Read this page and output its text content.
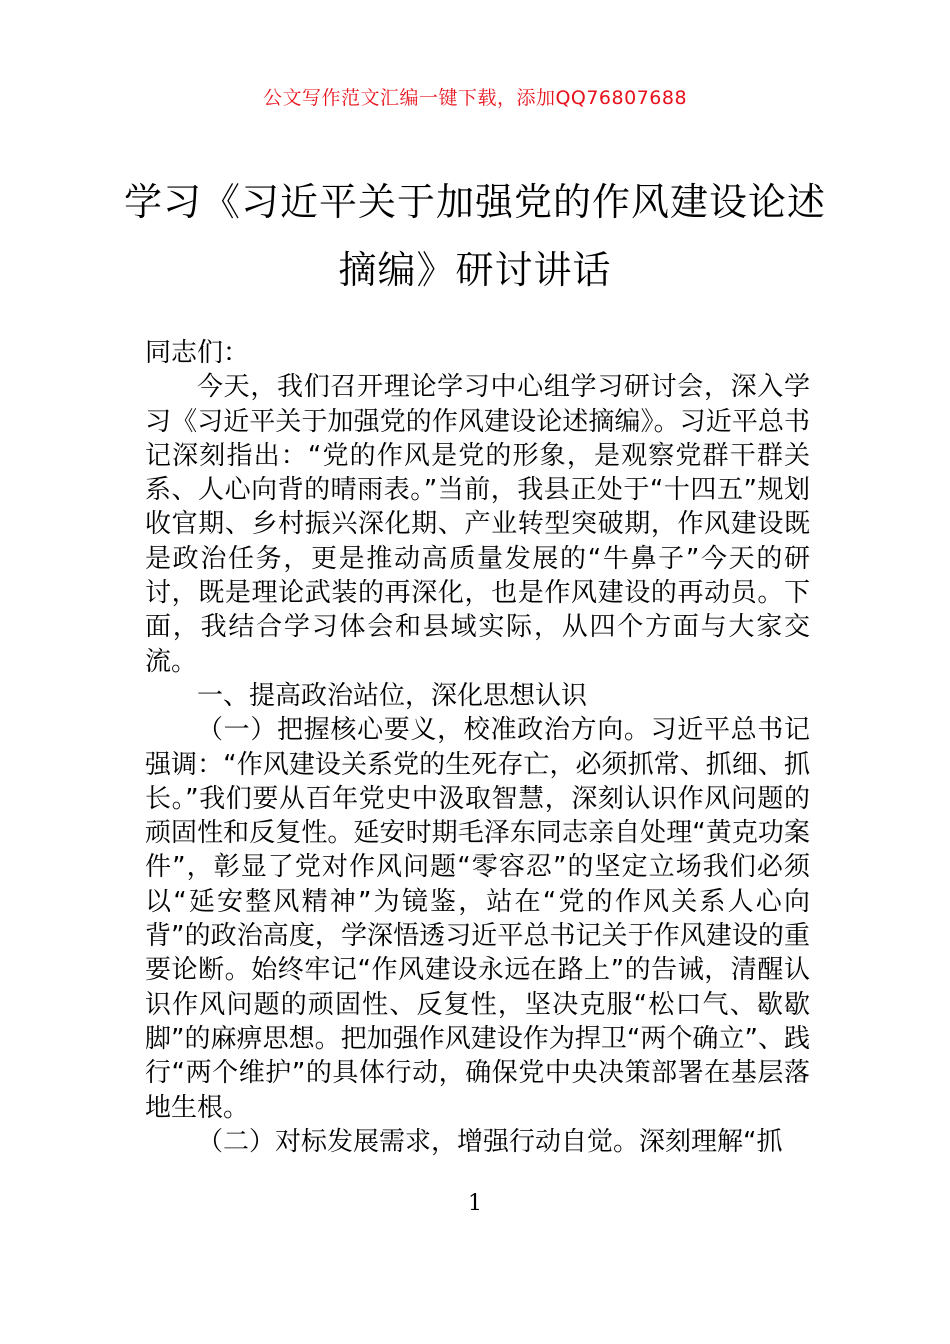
公文写作范文汇编一键下载，添加QQ76807688
学习《习近平关于加强党的作风建设论述
摘编》研讨讲话

同志们：

今天，我们召开理论学习中心组学习研讨会，深入学习《习近平关于加强党的作风建设论述摘编》。习近平总书记深刻指出：“党的作风是党的形象，是观察党群干群关系、人心向背的晴雨表。”当前，我县正处于“十四五”规划收官期、乡村振兴深化期、产业转型突破期，作风建设既是政治任务，更是推动高质量发展的“牛鼻子”今天的研讨，既是理论武装的再深化，也是作风建设的再动员。下面，我结合学习体会和县域实际，从四个方面与大家交流。

一、提高政治站位，深化思想认识

（一）把握核心要义，校准政治方向。习近平总书记强调：“作风建设关系党的生死存亡，必须抓常、抓细、抓长。”我们要从百年党史中汲取智慧，深刻认识作风问题的顽固性和反复性。延安时期毛泽东同志亲自处理“黄克功案件”，彰显了党对作风问题“零容忍”的坚定立场我们必须以“延安整风精神”为镜鉴，站在“党的作风关系人心向背”的政治高度，学深悟透习近平总书记关于作风建设的重要论断。始终牢记“作风建设永远在路上”的告诫，清醒认识作风问题的顽固性、反复性，坚决克服“松口气、歇歇脚”的麻痹思想。把加强作风建设作为捍卫“两个确立”、践行“两个维护”的具体行动，确保党中央决策部署在基层落地生根。

（二）对标发展需求，增强行动自觉。深刻理解“抓

1
